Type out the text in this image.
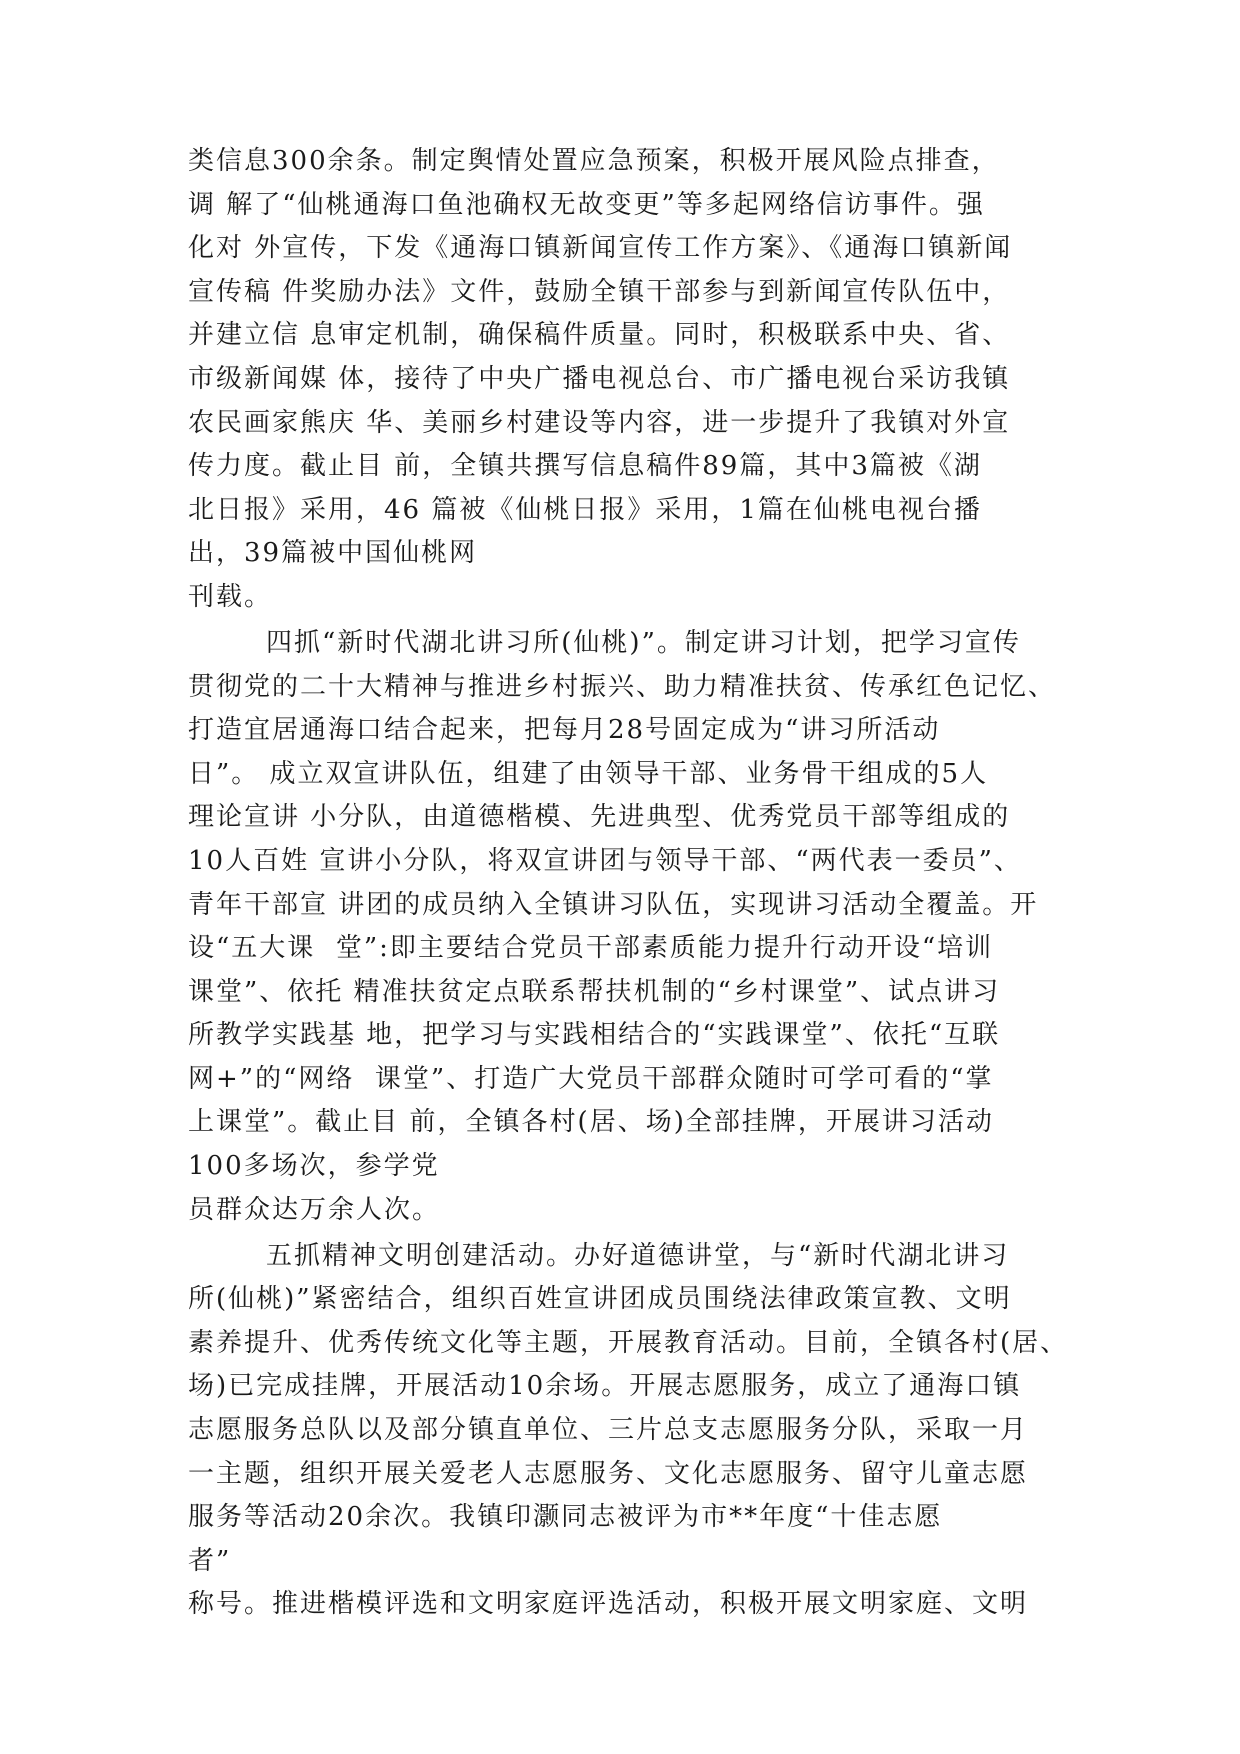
类信息300余条。制定舆情处置应急预案，积极开展风险点排查，
调 解了“仙桃通海口鱼池确权无故变更”等多起网络信访事件。强
化对 外宣传，下发《通海口镇新闻宣传工作方案》、《通海口镇新闻
宣传稿 件奖励办法》文件，鼓励全镇干部参与到新闻宣传队伍中，
并建立信 息审定机制，确保稿件质量。同时，积极联系中央、省、
市级新闻媒 体，接待了中央广播电视总台、市广播电视台采访我镇
农民画家熊庆 华、美丽乡村建设等内容，进一步提升了我镇对外宣
传力度。截止目 前，全镇共撰写信息稿件89篇，其中3篇被《湖
北日报》采用，46 篇被《仙桃日报》采用，1篇在仙桃电视台播
出，39篇被中国仙桃网
刊载。
四抓“新时代湖北讲习所(仙桃)”。制定讲习计划，把学习宣传
贯彻党的二十大精神与推进乡村振兴、助力精准扶贫、传承红色记忆、
打造宜居通海口结合起来，把每月28号固定成为“讲习所活动
日”。 成立双宣讲队伍，组建了由领导干部、业务骨干组成的5人
理论宣讲 小分队，由道德楷模、先进典型、优秀党员干部等组成的
10人百姓 宣讲小分队，将双宣讲团与领导干部、“两代表一委员”、
青年干部宣 讲团的成员纳入全镇讲习队伍，实现讲习活动全覆盖。开
设“五大课  堂”:即主要结合党员干部素质能力提升行动开设“培训
课堂”、依托 精准扶贫定点联系帮扶机制的“乡村课堂”、试点讲习
所教学实践基 地，把学习与实践相结合的“实践课堂”、依托“互联
网+”的“网络  课堂”、打造广大党员干部群众随时可学可看的“掌
上课堂”。截止目 前，全镇各村(居、场)全部挂牌，开展讲习活动
100多场次，参学党
员群众达万余人次。
五抓精神文明创建活动。办好道德讲堂，与“新时代湖北讲习
所(仙桃)”紧密结合，组织百姓宣讲团成员围绕法律政策宣教、文明
素养提升、优秀传统文化等主题，开展教育活动。目前，全镇各村(居、
场)已完成挂牌，开展活动10余场。开展志愿服务，成立了通海口镇
志愿服务总队以及部分镇直单位、三片总支志愿服务分队，采取一月
一主题，组织开展关爱老人志愿服务、文化志愿服务、留守儿童志愿
服务等活动20余次。我镇印灏同志被评为市**年度“十佳志愿
者”
称号。推进楷模评选和文明家庭评选活动，积极开展文明家庭、文明
